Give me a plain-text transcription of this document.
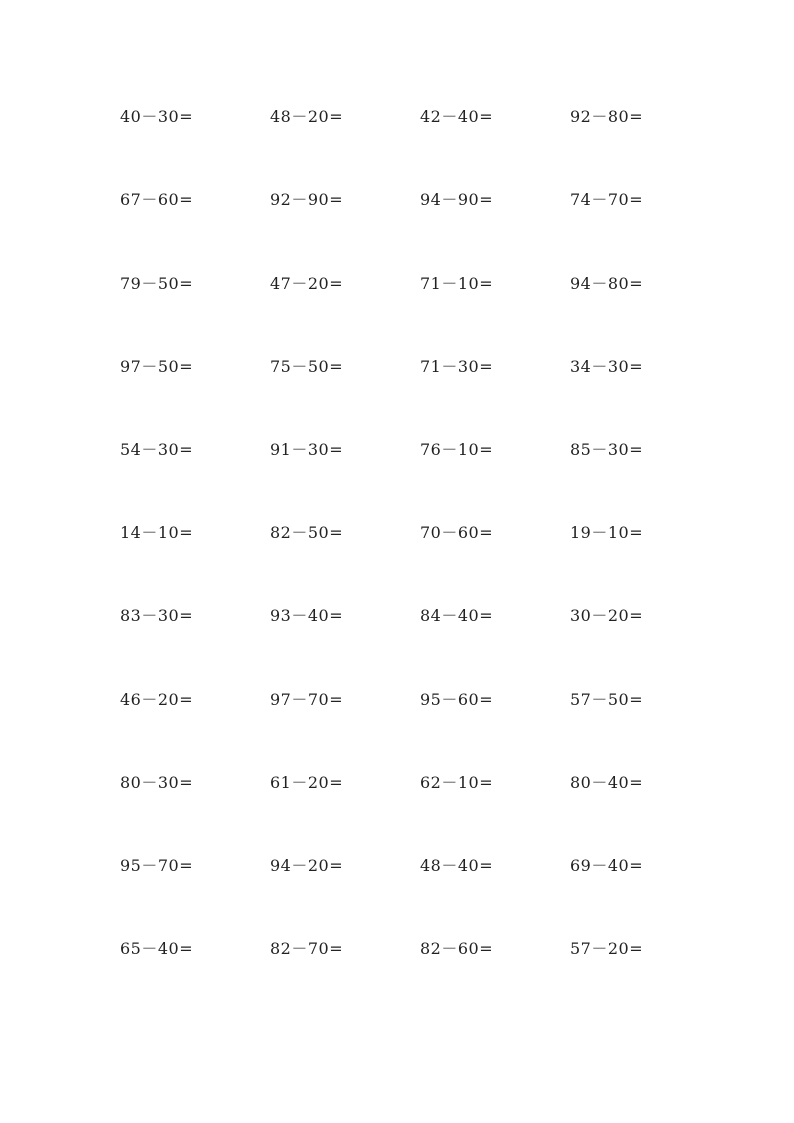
40－30=	48－20=	42－40=	92－80=
67－60=	92－90=	94－90=	74－70=
79－50=	47－20=	71－10=	94－80=
97－50=	75－50=	71－30=	34－30=
54－30=	91－30=	76－10=	85－30=
14－10=	82－50=	70－60=	19－10=
83－30=	93－40=	84－40=	30－20=
46－20=	97－70=	95－60=	57－50=
80－30=	61－20=	62－10=	80－40=
95－70=	94－20=	48－40=	69－40=
65－40=	82－70=	82－60=	57－20=
